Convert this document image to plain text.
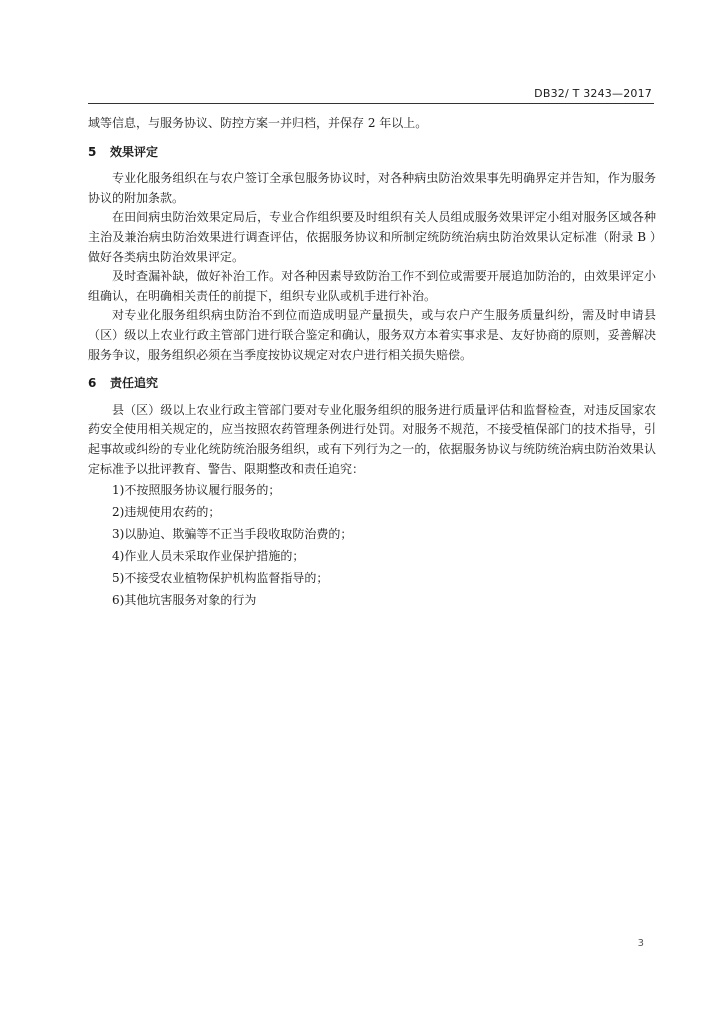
DB32/ T 3243—2017

域等信息，与服务协议、防控方案一并归档，并保存 2 年以上。

5 效果评定

专业化服务组织在与农户签订全承包服务协议时，对各种病虫防治效果事先明确界定并告知，作为服务协议的附加条款。

在田间病虫防治效果定局后，专业合作组织要及时组织有关人员组成服务效果评定小组对服务区域各种主治及兼治病虫防治效果进行调查评估，依据服务协议和所制定统防统治病虫防治效果认定标准（附录 B ）做好各类病虫防治效果评定。

及时查漏补缺，做好补治工作。对各种因素导致防治工作不到位或需要开展追加防治的，由效果评定小组确认，在明确相关责任的前提下，组织专业队或机手进行补治。

对专业化服务组织病虫防治不到位而造成明显产量损失，或与农户产生服务质量纠纷，需及时申请县（区）级以上农业行政主管部门进行联合鉴定和确认，服务双方本着实事求是、友好协商的原则，妥善解决服务争议，服务组织必须在当季度按协议规定对农户进行相关损失赔偿。

6 责任追究

县（区）级以上农业行政主管部门要对专业化服务组织的服务进行质量评估和监督检查，对违反国家农药安全使用相关规定的，应当按照农药管理条例进行处罚。对服务不规范，不接受植保部门的技术指导，引起事故或纠纷的专业化统防统治服务组织，或有下列行为之一的，依据服务协议与统防统治病虫防治效果认定标准予以批评教育、警告、限期整改和责任追究：

1)不按照服务协议履行服务的；

2)违规使用农药的；

3)以胁迫、欺骗等不正当手段收取防治费的；

4)作业人员未采取作业保护措施的；

5)不接受农业植物保护机构监督指导的；

6)其他坑害服务对象的行为

3
